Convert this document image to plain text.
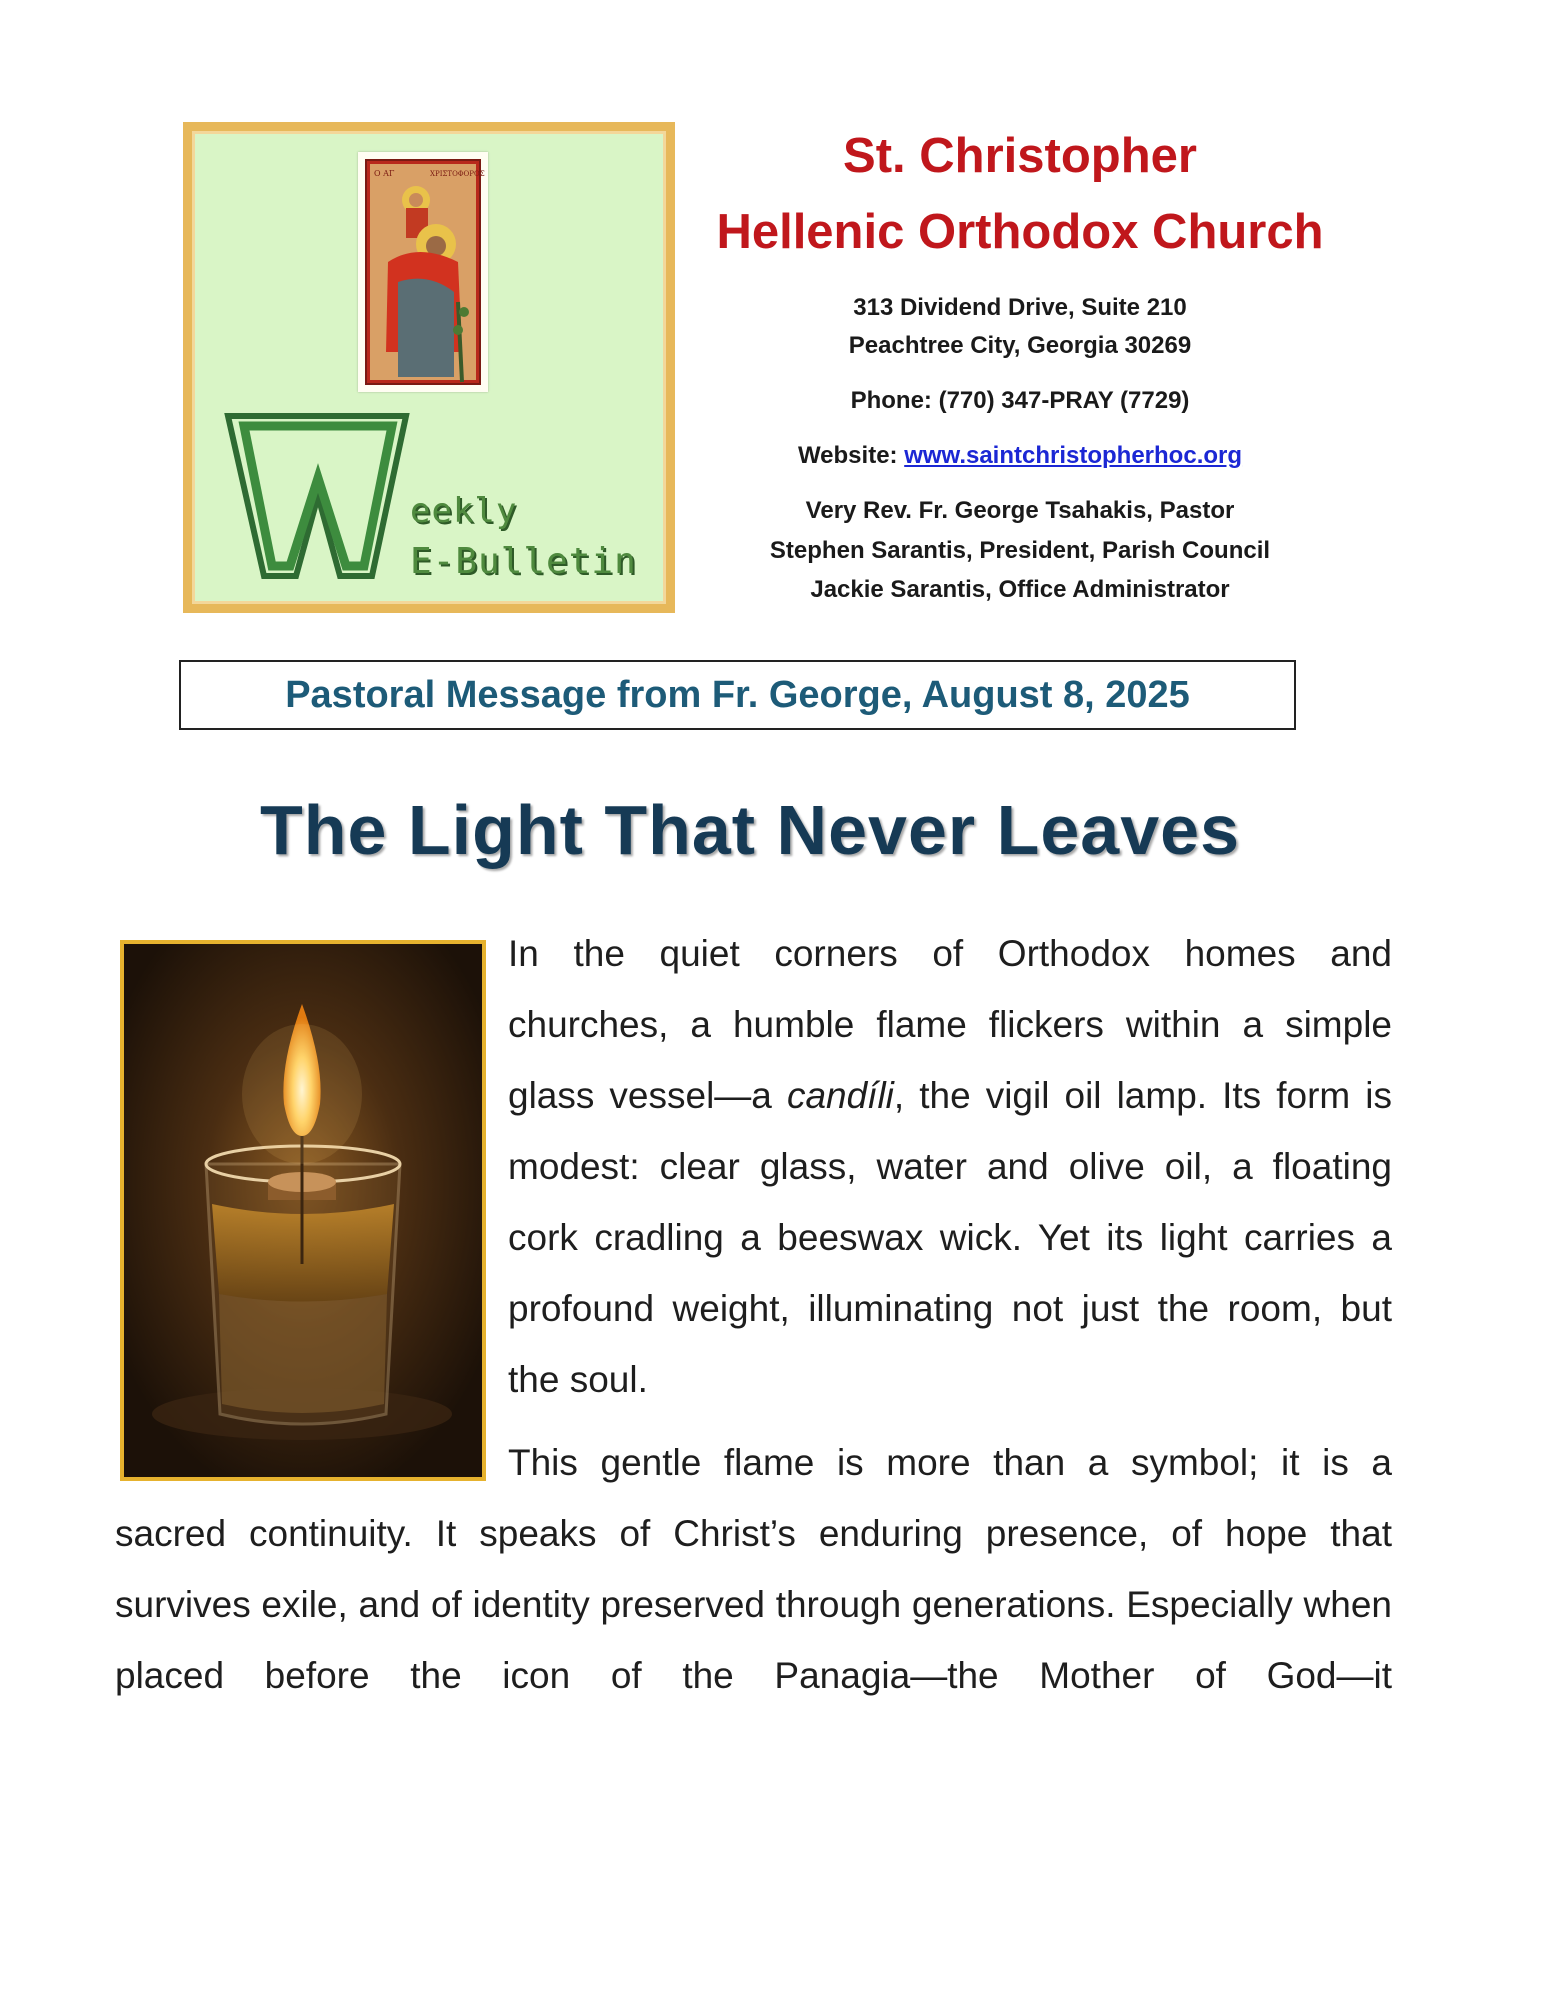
O ΑΓ	ΧΡΙΣΤΟΦΟΡΟΣ
eekly
E-Bulletin
St. Christopher
Hellenic Orthodox Church
313 Dividend Drive, Suite 210
Peachtree City, Georgia 30269
Phone: (770) 347-PRAY (7729)
Website: www.saintchristopherhoc.org
Very Rev. Fr. George Tsahakis, Pastor
Stephen Sarantis, President, Parish Council
Jackie Sarantis, Office Administrator
Pastoral Message from Fr. George, August 8, 2025
The Light That Never Leaves

In the quiet corners of Orthodox homes and churches, a humble flame flickers within a simple glass vessel—a candíli, the vigil oil lamp. Its form is modest: clear glass, water and olive oil, a floating cork cradling a beeswax wick. Yet its light carries a profound weight, illuminating not just the room, but the soul.

This gentle flame is more than a symbol; it is a

sacred continuity. It speaks of Christ’s enduring presence, of hope that survives exile, and of identity preserved through generations. Especially when placed before the icon of the Panagia—the Mother of God—it
